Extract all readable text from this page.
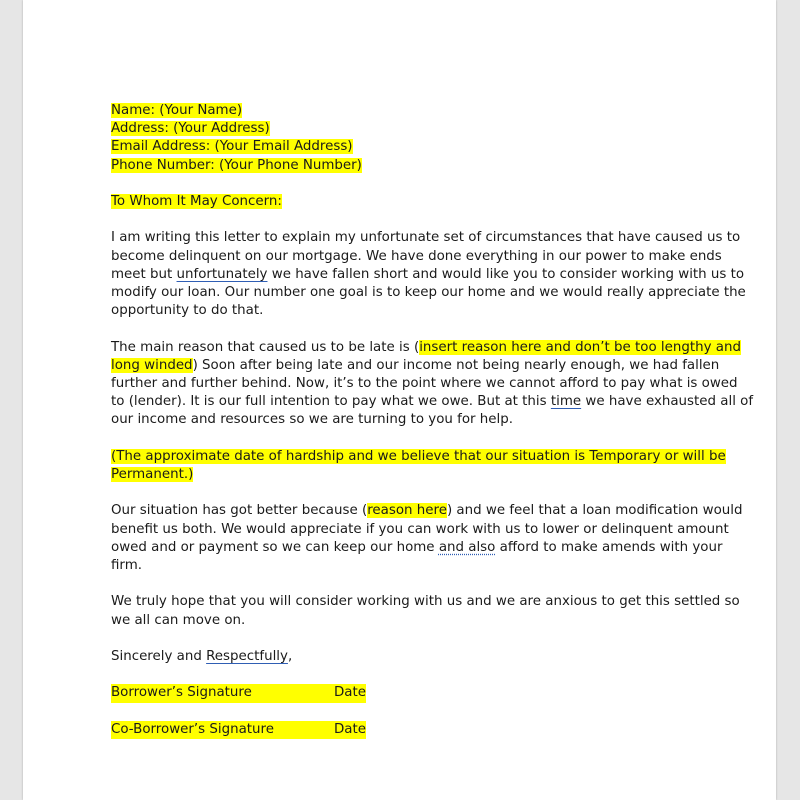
Name: (Your Name)
Address: (Your Address)
Email Address: (Your Email Address)
Phone Number: (Your Phone Number)
To Whom It May Concern:
I am writing this letter to explain my unfortunate set of circumstances that have caused us to
become delinquent on our mortgage. We have done everything in our power to make ends
meet but unfortunately we have fallen short and would like you to consider working with us to
modify our loan. Our number one goal is to keep our home and we would really appreciate the
opportunity to do that.
The main reason that caused us to be late is (insert reason here and don’t be too lengthy and
long winded) Soon after being late and our income not being nearly enough, we had fallen
further and further behind. Now, it’s to the point where we cannot afford to pay what is owed
to (lender). It is our full intention to pay what we owe. But at this time we have exhausted all of
our income and resources so we are turning to you for help.
(The approximate date of hardship and we believe that our situation is Temporary or will be
Permanent.)
Our situation has got better because (reason here) and we feel that a loan modification would
benefit us both. We would appreciate if you can work with us to lower or delinquent amount
owed and or payment so we can keep our home and also afford to make amends with your
firm.
We truly hope that you will consider working with us and we are anxious to get this settled so
we all can move on.
Sincerely and Respectfully,
Borrower’s Signature	Date
Co-Borrower’s Signature	Date
